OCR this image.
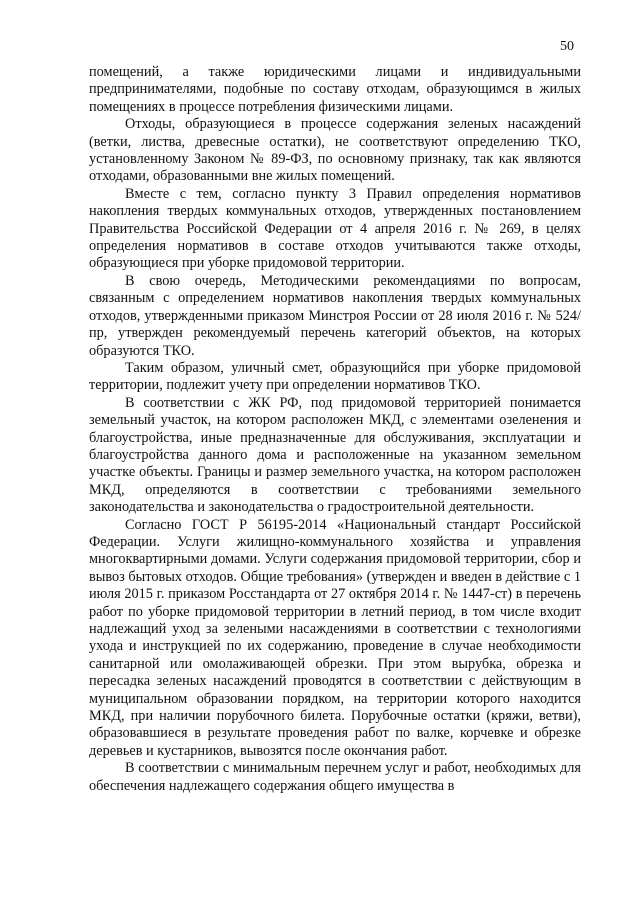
50

помещений, а также юридическими лицами и индивидуальными предпринимателями, подобные по составу отходам, образующимся в жилых помещениях в процессе потребления физическими лицами.

Отходы, образующиеся в процессе содержания зеленых насаждений (ветки, листва, древесные остатки), не соответствуют определению ТКО, установленному Законом № 89-ФЗ, по основному признаку, так как являются отходами, образованными вне жилых помещений.

Вместе с тем, согласно пункту 3 Правил определения нормативов накопления твердых коммунальных отходов, утвержденных постановлением Правительства Российской Федерации от 4 апреля 2016 г. № 269, в целях определения нормативов в составе отходов учитываются также отходы, образующиеся при уборке придомовой территории.

В свою очередь, Методическими рекомендациями по вопросам, связанным с определением нормативов накопления твердых коммунальных отходов, утвержденными приказом Минстроя России от 28 июля 2016 г. № 524/пр, утвержден рекомендуемый перечень категорий объектов, на которых образуются ТКО.

Таким образом, уличный смет, образующийся при уборке придомовой территории, подлежит учету при определении нормативов ТКО.

В соответствии с ЖК РФ, под придомовой территорией понимается земельный участок, на котором расположен МКД, с элементами озеленения и благоустройства, иные предназначенные для обслуживания, эксплуатации и благоустройства данного дома и расположенные на указанном земельном участке объекты. Границы и размер земельного участка, на котором расположен МКД, определяются в соответствии с требованиями земельного законодательства и законодательства о градостроительной деятельности.

Согласно ГОСТ Р 56195-2014 «Национальный стандарт Российской Федерации. Услуги жилищно-коммунального хозяйства и управления многоквартирными домами. Услуги содержания придомовой территории, сбор и вывоз бытовых отходов. Общие требования» (утвержден и введен в действие с 1 июля 2015 г. приказом Росстандарта от 27 октября 2014 г. № 1447-ст) в перечень работ по уборке придомовой территории в летний период, в том числе входит надлежащий уход за зелеными насаждениями в соответствии с технологиями ухода и инструкцией по их содержанию, проведение в случае необходимости санитарной или омолаживающей обрезки. При этом вырубка, обрезка и пересадка зеленых насаждений проводятся в соответствии с действующим в муниципальном образовании порядком, на территории которого находится МКД, при наличии порубочного билета. Порубочные остатки (кряжи, ветви), образовавшиеся в результате проведения работ по валке, корчевке и обрезке деревьев и кустарников, вывозятся после окончания работ.

В соответствии с минимальным перечнем услуг и работ, необходимых для обеспечения надлежащего содержания общего имущества в
